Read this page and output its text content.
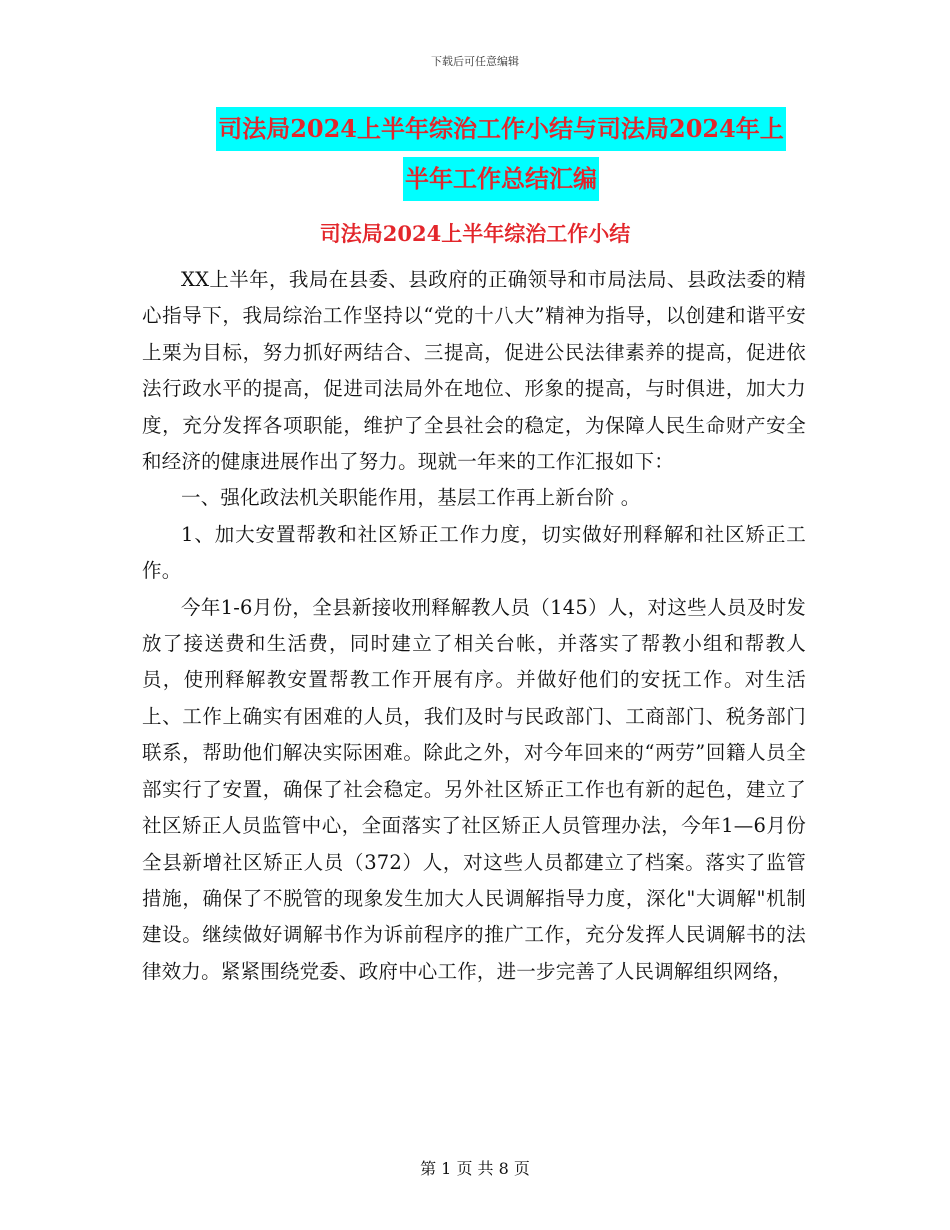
下载后可任意编辑
司法局2024上半年综治工作小结与司法局2024年上
半年工作总结汇编
司法局2024上半年综治工作小结

XX上半年，我局在县委、县政府的正确领导和市局法局、县政法委的精心指导下，我局综治工作坚持以“党的十八大”精神为指导，以创建和谐平安上栗为目标，努力抓好两结合、三提高，促进公民法律素养的提高，促进依法行政水平的提高，促进司法局外在地位、形象的提高，与时俱进，加大力度，充分发挥各项职能，维护了全县社会的稳定，为保障人民生命财产安全和经济的健康进展作出了努力。现就一年来的工作汇报如下：

一、强化政法机关职能作用，基层工作再上新台阶 。

1、加大安置帮教和社区矫正工作力度，切实做好刑释解和社区矫正工作。

今年1-6月份，全县新接收刑释解教人员（145）人，对这些人员及时发放了接送费和生活费，同时建立了相关台帐，并落实了帮教小组和帮教人员，使刑释解教安置帮教工作开展有序。并做好他们的安抚工作。对生活上、工作上确实有困难的人员，我们及时与民政部门、工商部门、税务部门联系，帮助他们解决实际困难。除此之外，对今年回来的“两劳”回籍人员全部实行了安置，确保了社会稳定。另外社区矫正工作也有新的起色，建立了社区矫正人员监管中心，全面落实了社区矫正人员管理办法，今年1—6月份全县新增社区矫正人员（372）人，对这些人员都建立了档案。落实了监管措施，确保了不脱管的现象发生加大人民调解指导力度，深化"大调解"机制建设。继续做好调解书作为诉前程序的推广工作，充分发挥人民调解书的法律效力。紧紧围绕党委、政府中心工作，进一步完善了人民调解组织网络，

第 1 页 共 8 页
